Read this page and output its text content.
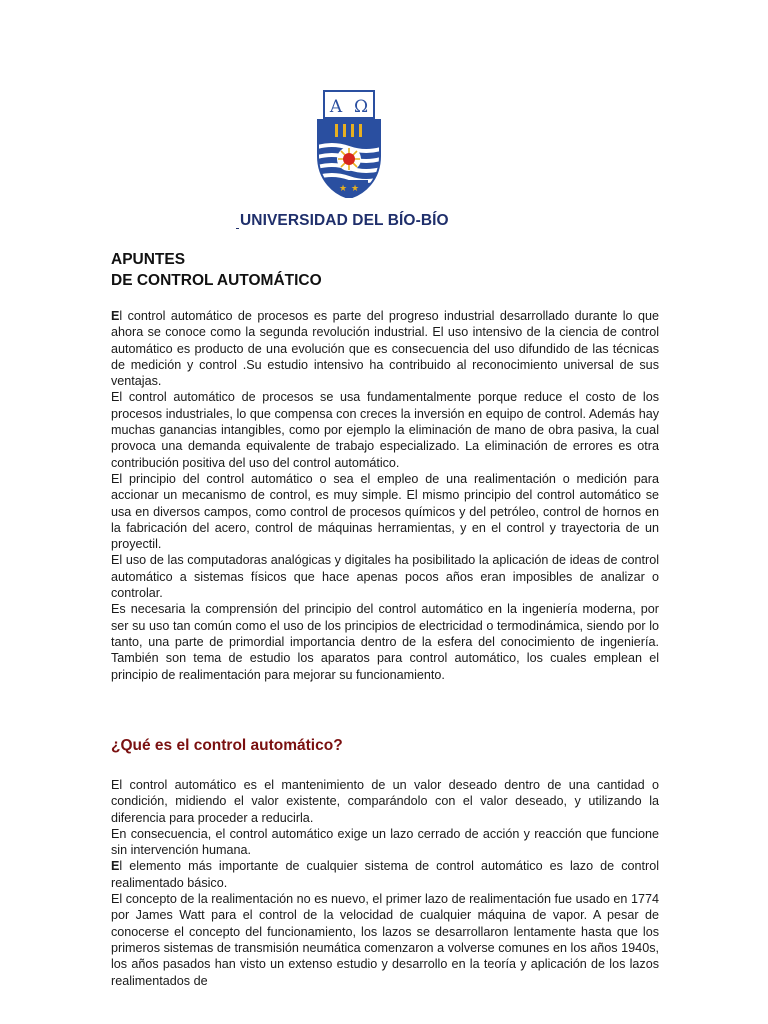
A Ω
★ ★
UNIVERSIDAD DEL BÍO-BÍO
APUNTES
DE CONTROL AUTOMÁTICO

El control automático de procesos es parte del progreso industrial desarrollado durante lo que ahora se conoce como la segunda revolución industrial. El uso intensivo de la ciencia de control automático es producto de una evolución que es consecuencia del uso difundido de las técnicas de medición y control .Su estudio intensivo ha contribuido al reconocimiento universal de sus ventajas.

El control automático de procesos se usa fundamentalmente porque reduce el costo de los procesos industriales, lo que compensa con creces la inversión en equipo de control. Además hay muchas ganancias intangibles, como por ejemplo la eliminación de mano de obra pasiva, la cual provoca una demanda equivalente de trabajo especializado. La eliminación de errores es otra contribución positiva del uso del control automático.

El principio del control automático o sea el empleo de una realimentación o medición para accionar un mecanismo de control, es muy simple. El mismo principio del control automático se usa en diversos campos, como control de procesos químicos y del petróleo, control de hornos en la fabricación del acero, control de máquinas herramientas, y en el control y trayectoria de un proyectil.

El uso de las computadoras analógicas y digitales ha posibilitado la aplicación de ideas de control automático a sistemas físicos que hace apenas pocos años eran imposibles de analizar o controlar.

Es necesaria la comprensión del principio del control automático en la ingeniería moderna, por ser su uso tan común como el uso de los principios de electricidad o termodinámica, siendo por lo tanto, una parte de primordial importancia dentro de la esfera del conocimiento de ingeniería. También son tema de estudio los aparatos para control automático, los cuales emplean el principio de realimentación para mejorar su funcionamiento.

¿Qué es el control automático?

El control automático es el mantenimiento de un valor deseado dentro de una cantidad o condición, midiendo el valor existente, comparándolo con el valor deseado, y utilizando la diferencia para proceder a reducirla.

En consecuencia, el control automático exige un lazo cerrado de acción y reacción que funcione sin intervención humana.

El elemento más importante de cualquier sistema de control automático es lazo de control realimentado básico.

El concepto de la realimentación no es nuevo, el primer lazo de realimentación fue usado en 1774 por James Watt para el control de la velocidad de cualquier máquina de vapor. A pesar de conocerse el concepto del funcionamiento, los lazos se desarrollaron lentamente hasta que los primeros sistemas de transmisión neumática comenzaron a volverse comunes en los años 1940s, los años pasados han visto un extenso estudio y desarrollo en la teoría y aplicación de los lazos realimentados de
